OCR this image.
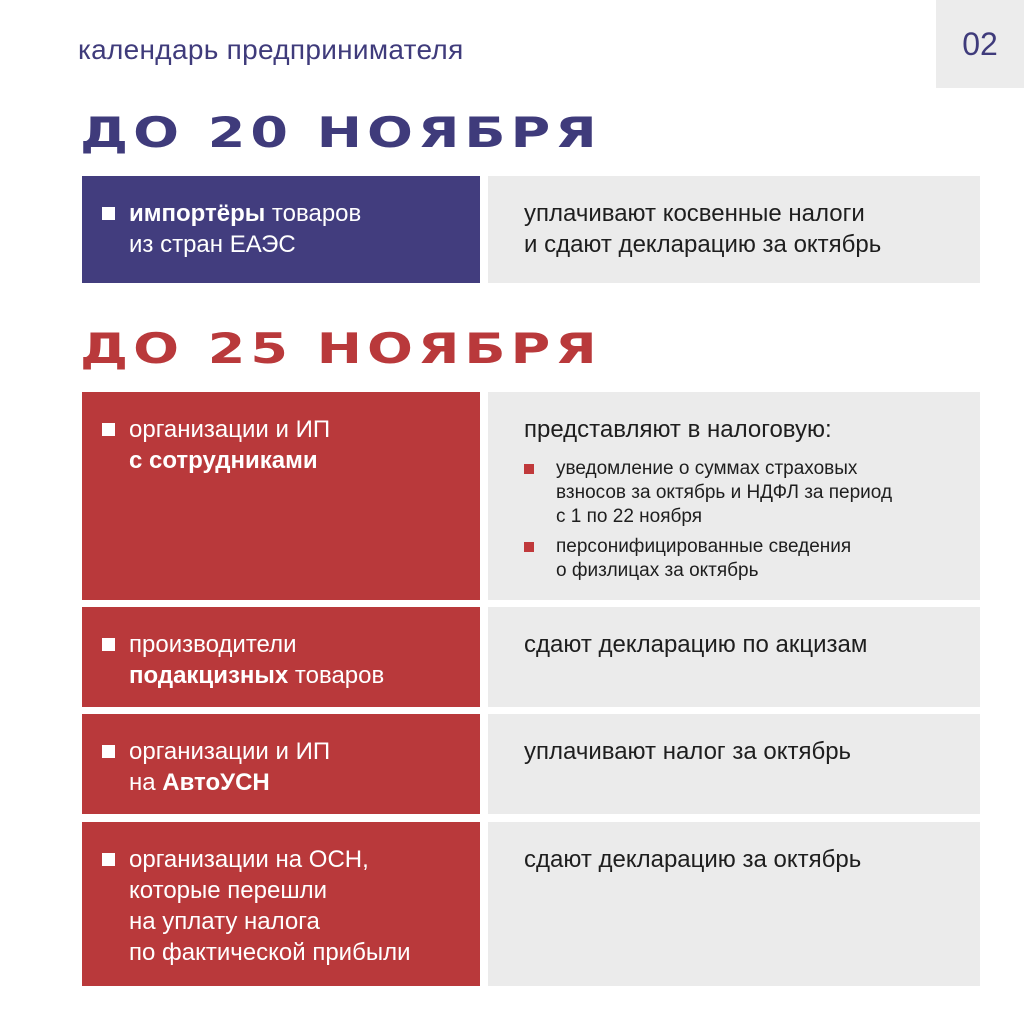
календарь предпринимателя	02
ДО 20 НОЯБРЯ
импортёры товаров
из стран ЕАЭС
уплачивают косвенные налоги
и сдают декларацию за октябрь
ДО 25 НОЯБРЯ
организации и ИП
с сотрудниками
представляют в налоговую:
уведомление о суммах страховых
взносов за октябрь и НДФЛ за период
с 1 по 22 ноября
персонифицированные сведения
о физлицах за октябрь
производители
подакцизных товаров
сдают декларацию по акцизам
организации и ИП
на АвтоУСН
уплачивают налог за октябрь
организации на ОСН,
которые перешли
на уплату налога
по фактической прибыли
сдают декларацию за октябрь
